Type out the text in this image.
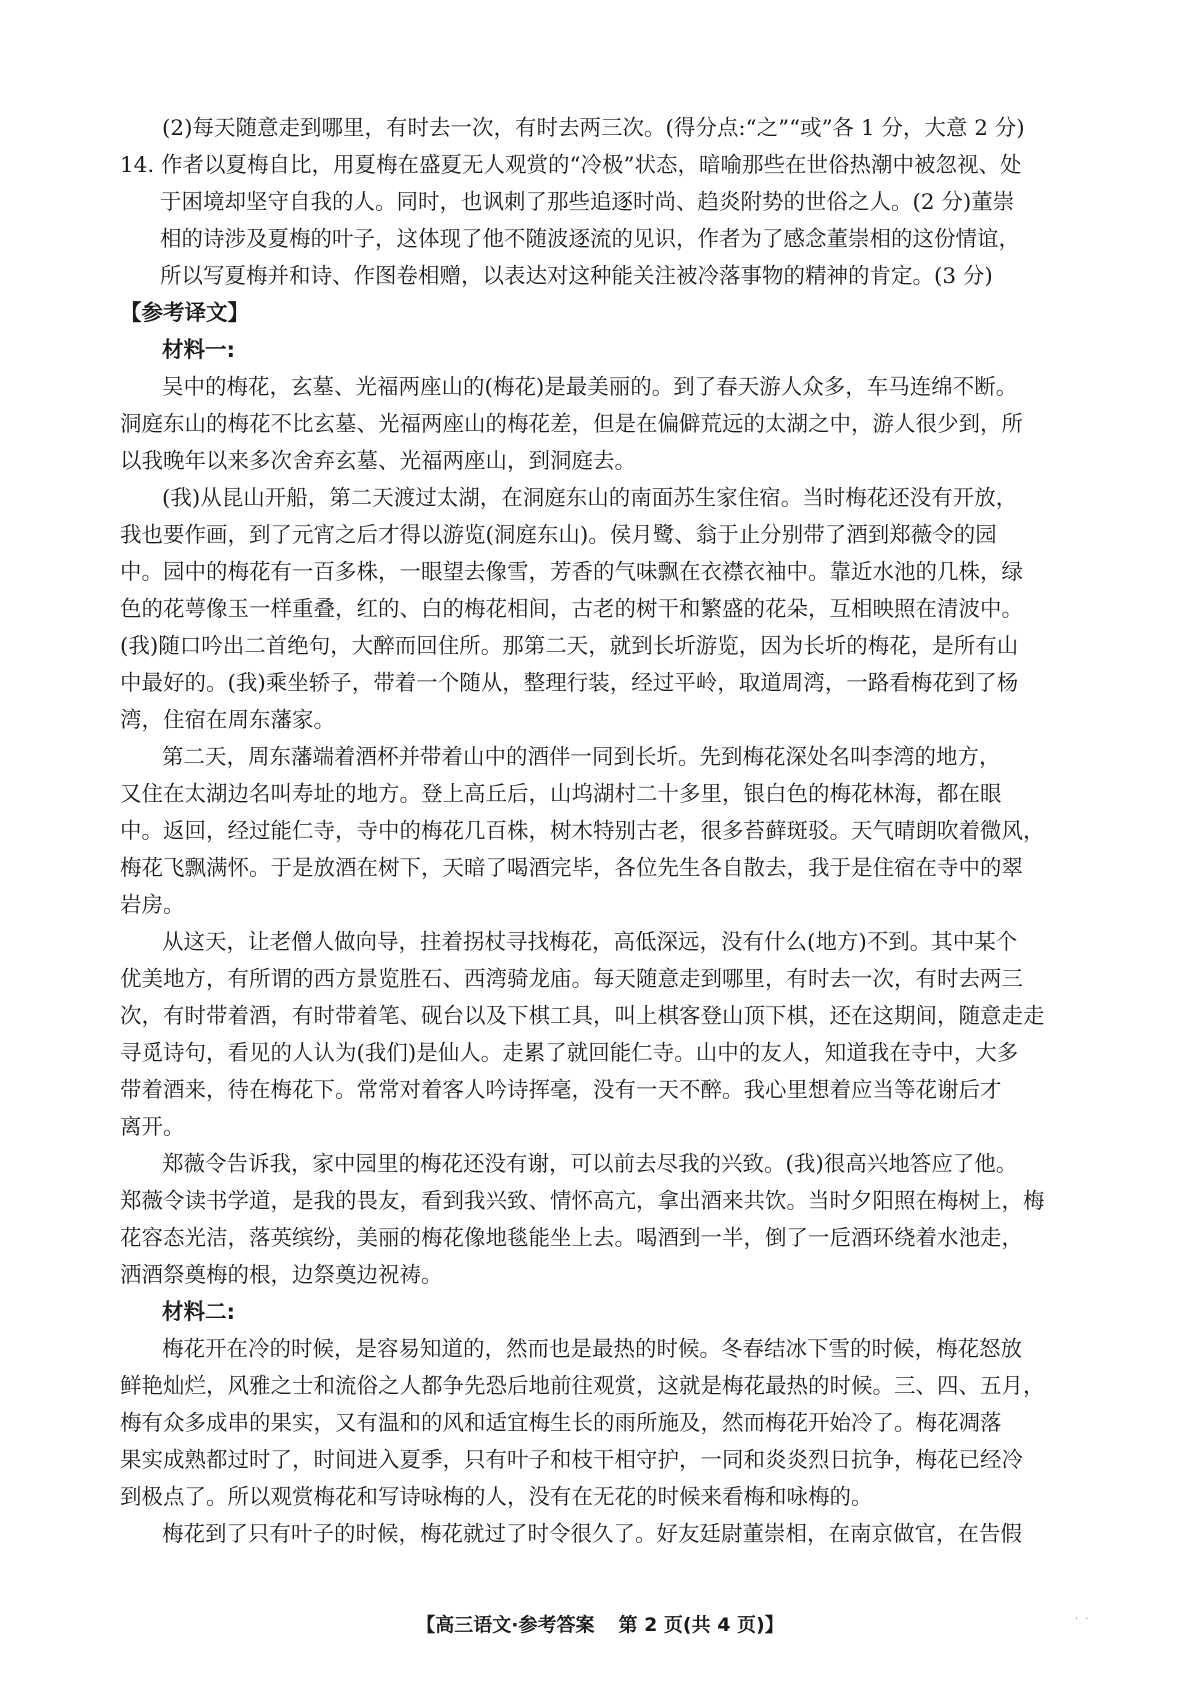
(2)每天随意走到哪里，有时去一次，有时去两三次。(得分点:“之”“或”各 1 分，大意 2 分)
14. 作者以夏梅自比，用夏梅在盛夏无人观赏的“冷极”状态，暗喻那些在世俗热潮中被忽视、处
于困境却坚守自我的人。同时，也讽刺了那些追逐时尚、趋炎附势的世俗之人。(2 分)董崇
相的诗涉及夏梅的叶子，这体现了他不随波逐流的见识，作者为了感念董崇相的这份情谊，
所以写夏梅并和诗、作图卷相赠，以表达对这种能关注被冷落事物的精神的肯定。(3 分)
【参考译文】
材料一:
吴中的梅花，玄墓、光福两座山的(梅花)是最美丽的。到了春天游人众多，车马连绵不断。
洞庭东山的梅花不比玄墓、光福两座山的梅花差，但是在偏僻荒远的太湖之中，游人很少到，所
以我晚年以来多次舍弃玄墓、光福两座山，到洞庭去。
(我)从昆山开船，第二天渡过太湖，在洞庭东山的南面苏生家住宿。当时梅花还没有开放，
我也要作画，到了元宵之后才得以游览(洞庭东山)。侯月鹭、翁于止分别带了酒到郑薇令的园
中。园中的梅花有一百多株，一眼望去像雪，芳香的气味飘在衣襟衣袖中。靠近水池的几株，绿
色的花萼像玉一样重叠，红的、白的梅花相间，古老的树干和繁盛的花朵，互相映照在清波中。
(我)随口吟出二首绝句，大醉而回住所。那第二天，就到长圻游览，因为长圻的梅花，是所有山
中最好的。(我)乘坐轿子，带着一个随从，整理行装，经过平岭，取道周湾，一路看梅花到了杨
湾，住宿在周东藩家。
第二天，周东藩端着酒杯并带着山中的酒伴一同到长圻。先到梅花深处名叫李湾的地方，
又住在太湖边名叫寿址的地方。登上高丘后，山坞湖村二十多里，银白色的梅花林海，都在眼
中。返回，经过能仁寺，寺中的梅花几百株，树木特别古老，很多苔藓斑驳。天气晴朗吹着微风，
梅花飞飘满怀。于是放酒在树下，天暗了喝酒完毕，各位先生各自散去，我于是住宿在寺中的翠
岩房。
从这天，让老僧人做向导，拄着拐杖寻找梅花，高低深远，没有什么(地方)不到。其中某个
优美地方，有所谓的西方景览胜石、西湾骑龙庙。每天随意走到哪里，有时去一次，有时去两三
次，有时带着酒，有时带着笔、砚台以及下棋工具，叫上棋客登山顶下棋，还在这期间，随意走走
寻觅诗句，看见的人认为(我们)是仙人。走累了就回能仁寺。山中的友人，知道我在寺中，大多
带着酒来，待在梅花下。常常对着客人吟诗挥毫，没有一天不醉。我心里想着应当等花谢后才
离开。
郑薇令告诉我，家中园里的梅花还没有谢，可以前去尽我的兴致。(我)很高兴地答应了他。
郑薇令读书学道，是我的畏友，看到我兴致、情怀高亢，拿出酒来共饮。当时夕阳照在梅树上，梅
花容态光洁，落英缤纷，美丽的梅花像地毯能坐上去。喝酒到一半，倒了一卮酒环绕着水池走，
洒酒祭奠梅的根，边祭奠边祝祷。
材料二:
梅花开在冷的时候，是容易知道的，然而也是最热的时候。冬春结冰下雪的时候，梅花怒放
鲜艳灿烂，风雅之士和流俗之人都争先恐后地前往观赏，这就是梅花最热的时候。三、四、五月，
梅有众多成串的果实，又有温和的风和适宜梅生长的雨所施及，然而梅花开始冷了。梅花凋落
果实成熟都过时了，时间进入夏季，只有叶子和枝干相守护，一同和炎炎烈日抗争，梅花已经冷
【高三语文·参考答案 第 2 页(共 4 页)】	· ·
到极点了。所以观赏梅花和写诗咏梅的人，没有在无花的时候来看梅和咏梅的。
梅花到了只有叶子的时候，梅花就过了时令很久了。好友廷尉董崇相，在南京做官，在告假
